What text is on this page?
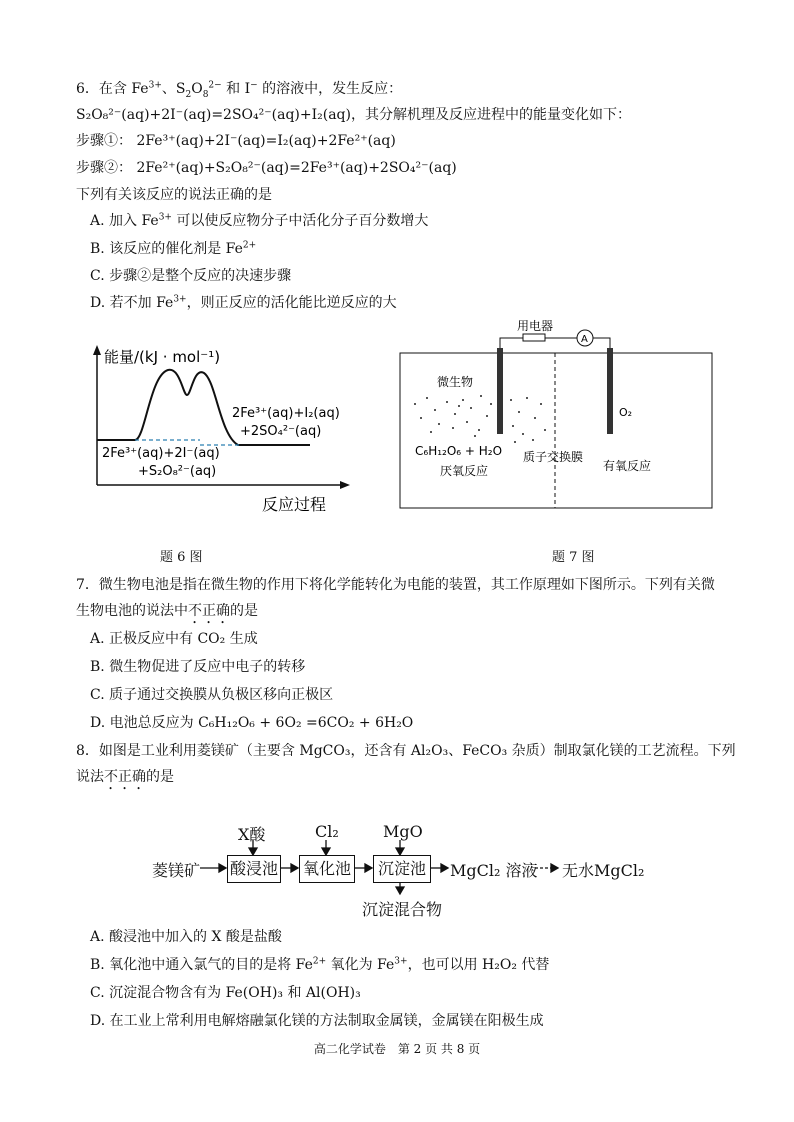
6．在含 $Fe^{3+}$、$S_2O_8^{2-}$ 和 I− 的溶液中，发生反应：
S₂O₈²⁻(aq)+2I⁻(aq)=2SO₄²⁻(aq)+I₂(aq)，其分解机理及反应进程中的能量变化如下：
步骤①： 2Fe³⁺(aq)+2I⁻(aq)=I₂(aq)+2Fe²⁺(aq)
步骤②： 2Fe²⁺(aq)+S₂O₈²⁻(aq)=2Fe³⁺(aq)+2SO₄²⁻(aq)
下列有关该反应的说法正确的是
A. 加入 $Fe^{3+}$ 可以使反应物分子中活化分子百分数增大
B. 该反应的催化剂是 $Fe^{2+}$
C. 步骤②是整个反应的决速步骤
D. 若不加 $Fe^{3+}$，则正反应的活化能比逆反应的大
能量/(kJ · mol⁻¹)
反应过程
2Fe³⁺(aq)+I₂(aq)
+2SO₄²⁻(aq)
2Fe³⁺(aq)+2I⁻(aq)
+S₂O₈²⁻(aq)
A
用电器
微生物
O₂
C₆H₁₂O₆ + H₂O 质子交换膜
厌氧反应	有氧反应
题 6 图	题 7 图
7．微生物电池是指在微生物的作用下将化学能转化为电能的装置，其工作原理如下图所示。下列有关微
生物电池的说法中不正确的是
A. 正极反应中有 CO₂ 生成
B. 微生物促进了反应中电子的转移
C. 质子通过交换膜从负极区移向正极区
D. 电池总反应为 C₆H₁₂O₆ + 6O₂ =6CO₂ + 6H₂O
8．如图是工业利用菱镁矿（主要含 MgCO₃，还含有 Al₂O₃、FeCO₃ 杂质）制取氯化镁的工艺流程。下列
说法不正确的是
菱镁矿 酸浸池 氧化池	沉淀池
X酸	Cl₂	MgO
MgCl₂ 溶液 无水MgCl₂
沉淀混合物
A. 酸浸池中加入的 X 酸是盐酸
B. 氧化池中通入氯气的目的是将 $Fe^{2+}$ 氧化为 $Fe^{3+}$，也可以用 H₂O₂ 代替
C. 沉淀混合物含有为 Fe(OH)₃ 和 Al(OH)₃
D. 在工业上常利用电解熔融氯化镁的方法制取金属镁，金属镁在阳极生成
高二化学试卷　第 2 页 共 8 页
